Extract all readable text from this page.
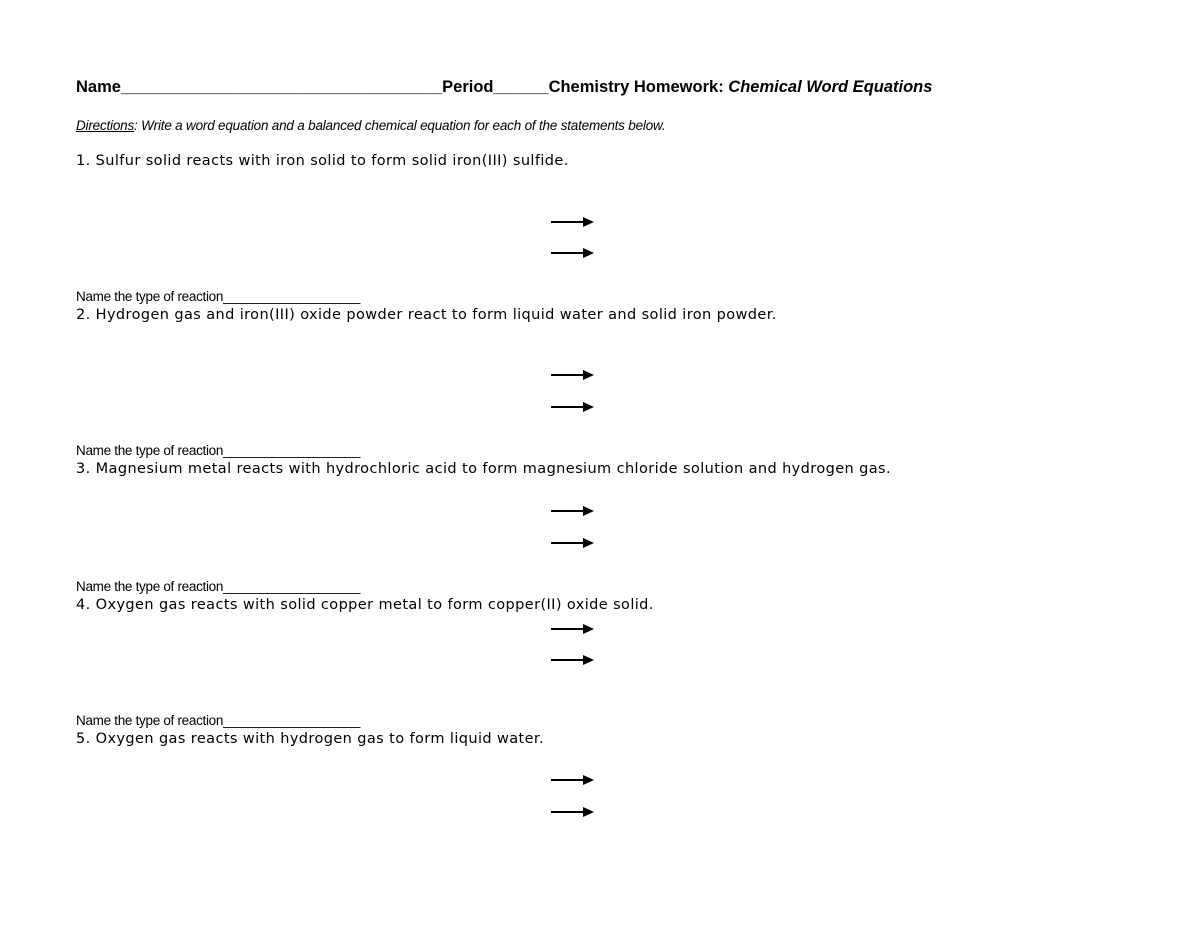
Name___________________________________Period______Chemistry Homework: Chemical Word Equations
Directions: Write a word equation and a balanced chemical equation for each of the statements below.
1. Sulfur solid reacts with iron solid to form solid iron(III) sulfide.
Name the type of reaction___________________
2. Hydrogen gas and iron(III) oxide powder react to form liquid water and solid iron powder.
Name the type of reaction___________________
3. Magnesium metal reacts with hydrochloric acid to form magnesium chloride solution and hydrogen gas.
Name the type of reaction___________________
4. Oxygen gas reacts with solid copper metal to form copper(II) oxide solid.
Name the type of reaction___________________
5. Oxygen gas reacts with hydrogen gas to form liquid water.
